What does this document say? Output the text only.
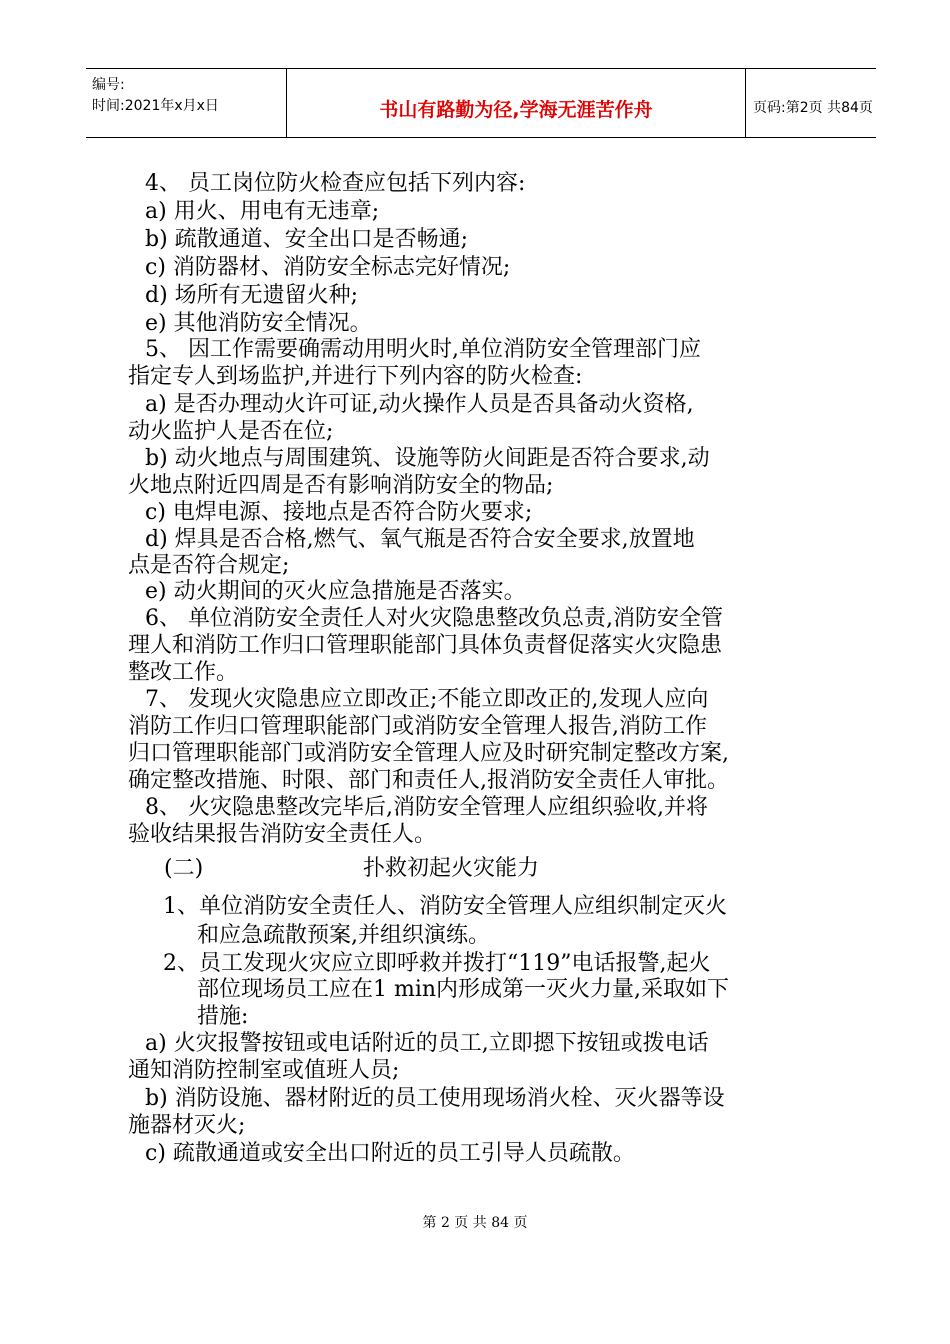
编号:
时间:2021年x月x日	书山有路勤为径,学海无涯苦作舟	页码:第2页 共84页
4、 员工岗位防火检查应包括下列内容:
a) 用火、用电有无违章;
b) 疏散通道、安全出口是否畅通;
c) 消防器材、消防安全标志完好情况;
d) 场所有无遗留火种;
e) 其他消防安全情况。
5、 因工作需要确需动用明火时,单位消防安全管理部门应
指定专人到场监护,并进行下列内容的防火检查:
a) 是否办理动火许可证,动火操作人员是否具备动火资格,
动火监护人是否在位;
b) 动火地点与周围建筑、设施等防火间距是否符合要求,动
火地点附近四周是否有影响消防安全的物品;
c) 电焊电源、接地点是否符合防火要求;
d) 焊具是否合格,燃气、氧气瓶是否符合安全要求,放置地
点是否符合规定;
e) 动火期间的灭火应急措施是否落实。
6、 单位消防安全责任人对火灾隐患整改负总责,消防安全管
理人和消防工作归口管理职能部门具体负责督促落实火灾隐患
整改工作。
7、 发现火灾隐患应立即改正;不能立即改正的,发现人应向
消防工作归口管理职能部门或消防安全管理人报告,消防工作
归口管理职能部门或消防安全管理人应及时研究制定整改方案,
确定整改措施、时限、部门和责任人,报消防安全责任人审批。
8、 火灾隐患整改完毕后,消防安全管理人应组织验收,并将
验收结果报告消防安全责任人。
(二)	扑救初起火灾能力
1、单位消防安全责任人、消防安全管理人应组织制定灭火
和应急疏散预案,并组织演练。
2、员工发现火灾应立即呼救并拨打“119”电话报警,起火
部位现场员工应在1 min内形成第一灭火力量,采取如下
措施:
a) 火灾报警按钮或电话附近的员工,立即摁下按钮或拨电话
通知消防控制室或值班人员;
b) 消防设施、器材附近的员工使用现场消火栓、灭火器等设
施器材灭火;
c) 疏散通道或安全出口附近的员工引导人员疏散。
第 2 页 共 84 页
